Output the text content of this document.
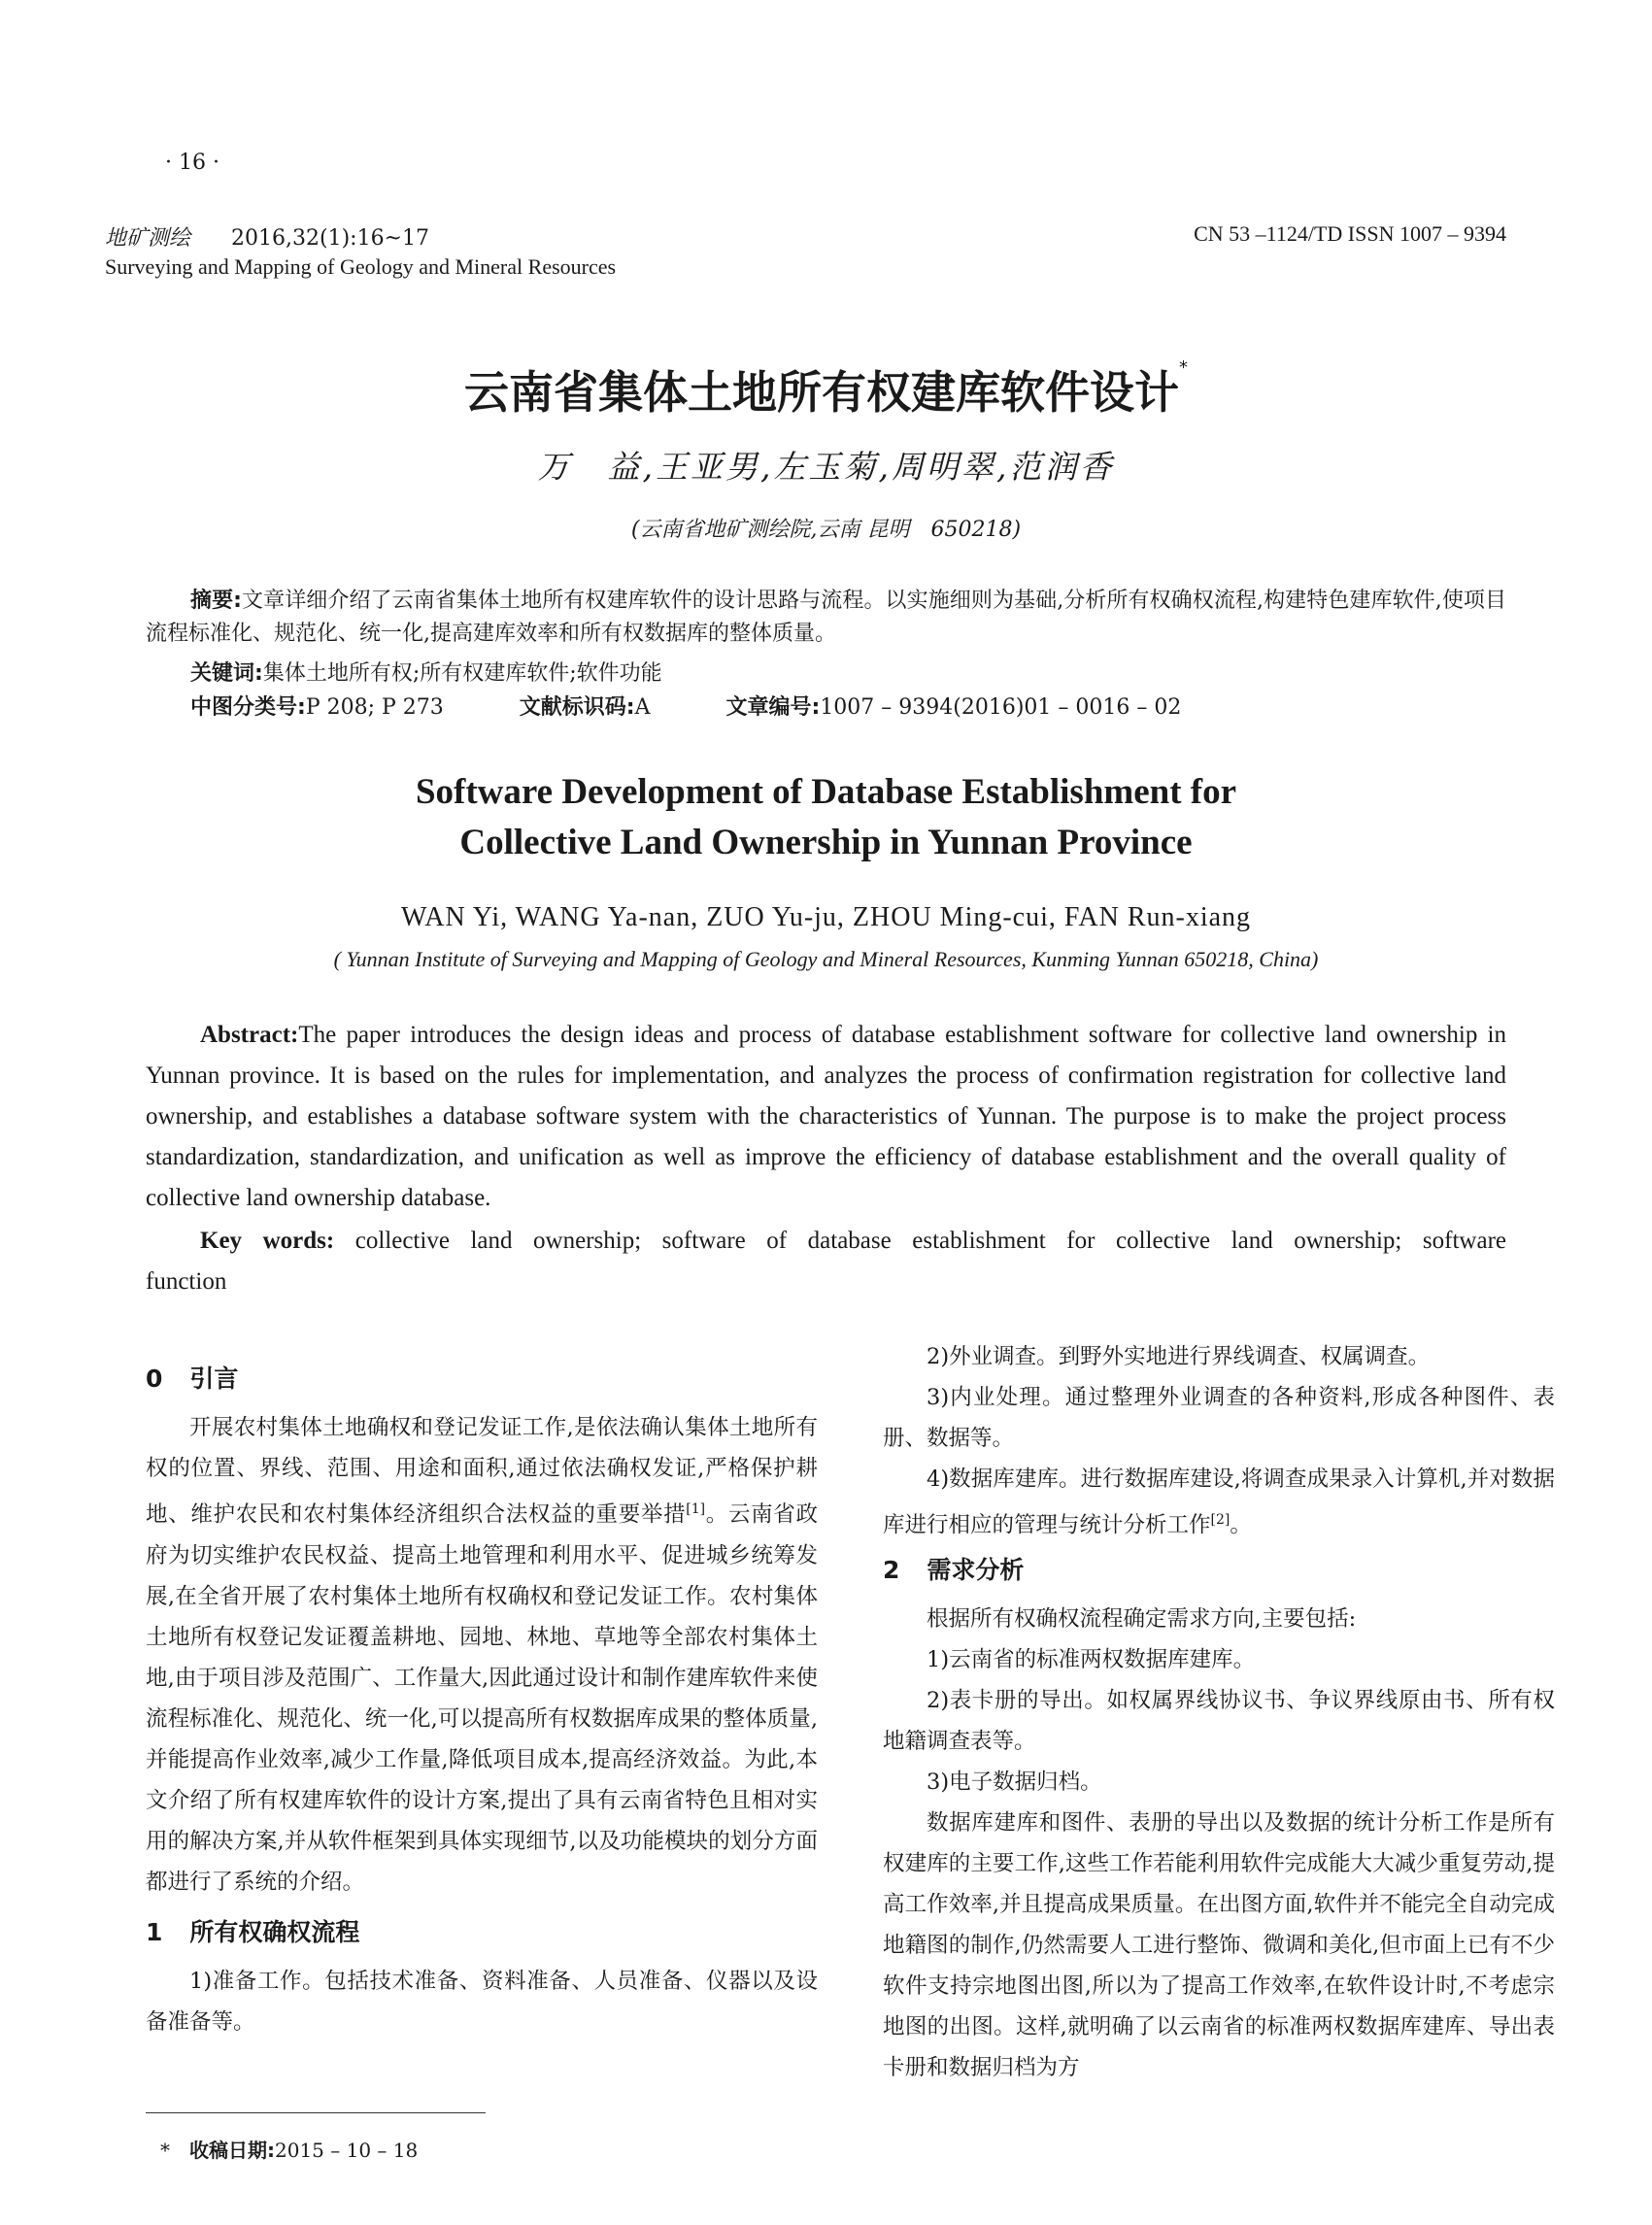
· 16 ·
地矿测绘 2016,32(1):16~17
Surveying and Mapping of Geology and Mineral Resources
CN 53 –1124/TD ISSN 1007 – 9394
云南省集体土地所有权建库软件设计*
万　益,王亚男,左玉菊,周明翠,范润香
(云南省地矿测绘院,云南 昆明　650218)
摘要:文章详细介绍了云南省集体土地所有权建库软件的设计思路与流程。以实施细则为基础,分析所有权确权流程,构建特色建库软件,使项目流程标准化、规范化、统一化,提高建库效率和所有权数据库的整体质量。
关键词:集体土地所有权;所有权建库软件;软件功能
中图分类号:P 208; P 273	文献标识码:A	文章编号:1007 – 9394(2016)01 – 0016 – 02
Software Development of Database Establishment for
Collective Land Ownership in Yunnan Province
WAN Yi, WANG Ya-nan, ZUO Yu-ju, ZHOU Ming-cui, FAN Run-xiang
( Yunnan Institute of Surveying and Mapping of Geology and Mineral Resources, Kunming Yunnan 650218, China)
Abstract:The paper introduces the design ideas and process of database establishment software for collective land ownership in Yunnan province. It is based on the rules for implementation, and analyzes the process of confirmation registration for collective land ownership, and establishes a database software system with the characteristics of Yunnan. The purpose is to make the project process standardization, standardization, and unification as well as improve the efficiency of database establishment and the overall quality of collective land ownership database.
Key words: collective land ownership; software of database establishment for collective land ownership; software function
0 引言

开展农村集体土地确权和登记发证工作,是依法确认集体土地所有权的位置、界线、范围、用途和面积,通过依法确权发证,严格保护耕地、维护农民和农村集体经济组织合法权益的重要举措[1]。云南省政府为切实维护农民权益、提高土地管理和利用水平、促进城乡统筹发展,在全省开展了农村集体土地所有权确权和登记发证工作。农村集体土地所有权登记发证覆盖耕地、园地、林地、草地等全部农村集体土地,由于项目涉及范围广、工作量大,因此通过设计和制作建库软件来使流程标准化、规范化、统一化,可以提高所有权数据库成果的整体质量,并能提高作业效率,减少工作量,降低项目成本,提高经济效益。为此,本文介绍了所有权建库软件的设计方案,提出了具有云南省特色且相对实用的解决方案,并从软件框架到具体实现细节,以及功能模块的划分方面都进行了系统的介绍。

1 所有权确权流程

1)准备工作。包括技术准备、资料准备、人员准备、仪器以及设备准备等。

2)外业调查。到野外实地进行界线调查、权属调查。

3)内业处理。通过整理外业调查的各种资料,形成各种图件、表册、数据等。

4)数据库建库。进行数据库建设,将调查成果录入计算机,并对数据库进行相应的管理与统计分析工作[2]。

2 需求分析

根据所有权确权流程确定需求方向,主要包括:

1)云南省的标准两权数据库建库。

2)表卡册的导出。如权属界线协议书、争议界线原由书、所有权地籍调查表等。

3)电子数据归档。

数据库建库和图件、表册的导出以及数据的统计分析工作是所有权建库的主要工作,这些工作若能利用软件完成能大大减少重复劳动,提高工作效率,并且提高成果质量。在出图方面,软件并不能完全自动完成地籍图的制作,仍然需要人工进行整饰、微调和美化,但市面上已有不少软件支持宗地图出图,所以为了提高工作效率,在软件设计时,不考虑宗地图的出图。这样,就明确了以云南省的标准两权数据库建库、导出表卡册和数据归档为方

* 收稿日期:2015 – 10 – 18
